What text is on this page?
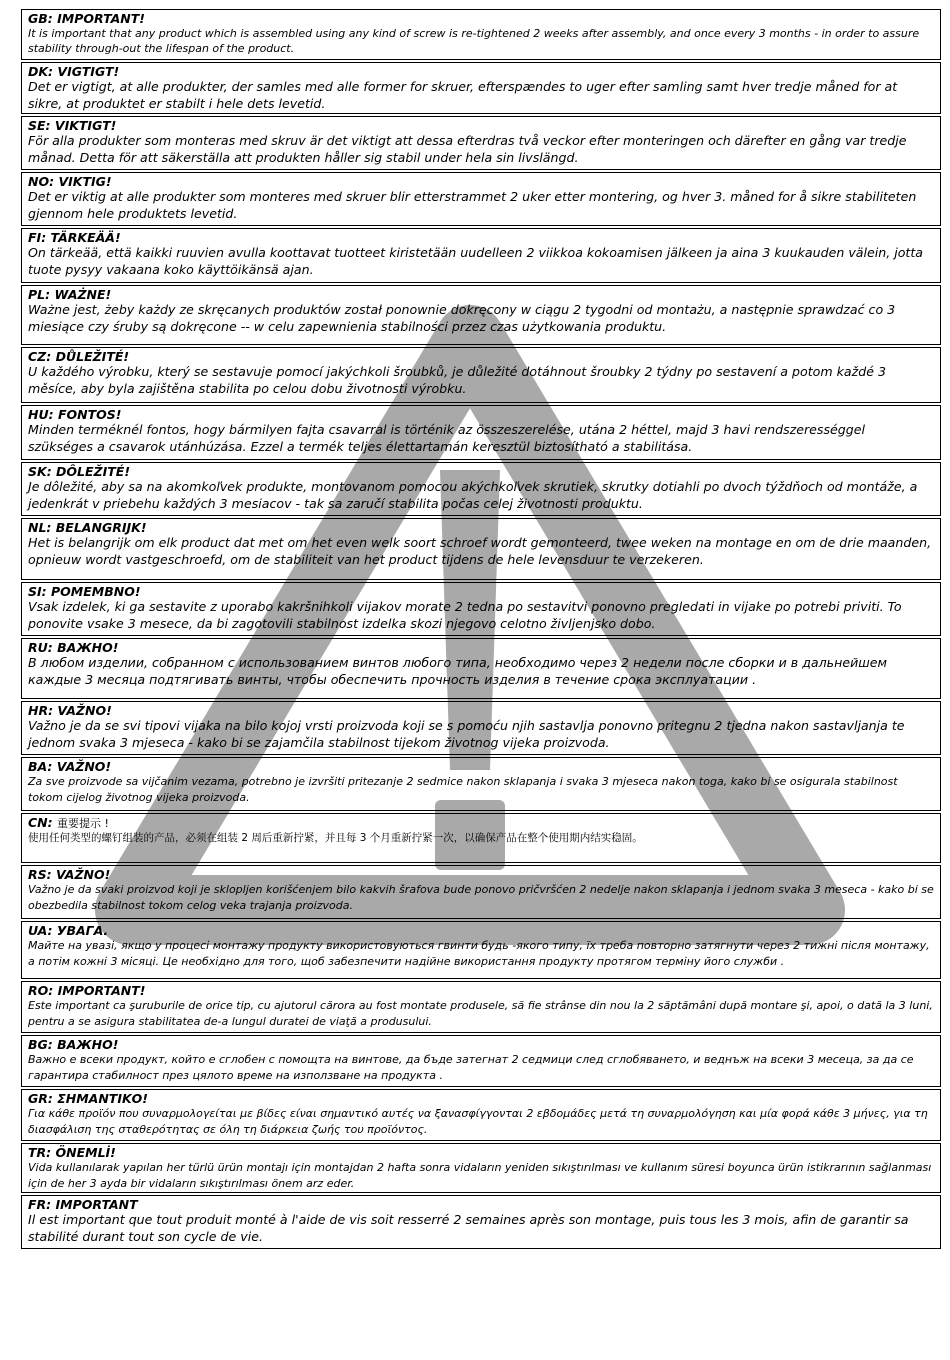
GB: IMPORTANT!

It is important that any product which is assembled using any kind of screw is re-tightened 2 weeks after assembly, and once every 3 months - in order to assure stability through-out the lifespan of the product.

DK: VIGTIGT!

Det er vigtigt, at alle produkter, der samles med alle former for skruer, efterspændes to uger efter samling samt hver tredje måned for at sikre, at produktet er stabilt i hele dets levetid.

SE: VIKTIGT!

För alla produkter som monteras med skruv är det viktigt att dessa efterdras två veckor efter monteringen och därefter en gång var tredje månad. Detta för att säkerställa att produkten håller sig stabil under hela sin livslängd.

NO: VIKTIG!

Det er viktig at alle produkter som monteres med skruer blir etterstrammet 2 uker etter montering, og hver 3. måned for å sikre stabiliteten gjennom hele produktets levetid.

FI: TÄRKEÄÄ!

On tärkeää, että kaikki ruuvien avulla koottavat tuotteet kiristetään uudelleen 2 viikkoa kokoamisen jälkeen ja aina 3 kuukauden välein, jotta tuote pysyy vakaana koko käyttöikänsä ajan.

PL: WAŻNE!

Ważne jest, żeby każdy ze skręcanych produktów został ponownie dokręcony w ciągu 2 tygodni od montażu, a następnie sprawdzać co 3 miesiące czy śruby są dokręcone -- w celu zapewnienia stabilności przez czas użytkowania produktu.

CZ: DŮLEŽITÉ!

U každého výrobku, který se sestavuje pomocí jakýchkoli šroubků, je důležité dotáhnout šroubky 2 týdny po sestavení a potom každé 3 měsíce, aby byla zajištěna stabilita po celou dobu životnosti výrobku.

HU: FONTOS!

Minden terméknél fontos, hogy bármilyen fajta csavarral is történik az összeszerelése, utána 2 héttel, majd 3 havi rendszerességgel szükséges a csavarok utánhúzása. Ezzel a termék teljes élettartamán keresztül biztosítható a stabilitása.

SK: DÔLEŽITÉ!

Je dôležité, aby sa na akomkoľvek produkte, montovanom pomocou akýchkoľvek skrutiek, skrutky dotiahli po dvoch týždňoch od montáže, a jedenkrát v priebehu každých 3 mesiacov - tak sa zaručí stabilita počas celej životnosti produktu.

NL: BELANGRIJK!

Het is belangrijk om elk product dat met om het even welk soort schroef wordt gemonteerd, twee weken na montage en om de drie maanden, opnieuw wordt vastgeschroefd, om de stabiliteit van het product tijdens de hele levensduur te verzekeren.

SI: POMEMBNO!

Vsak izdelek, ki ga sestavite z uporabo kakršnihkoli vijakov morate 2 tedna po sestavitvi ponovno pregledati in vijake po potrebi priviti. To ponovite vsake 3 mesece, da bi zagotovili stabilnost izdelka skozi njegovo celotno življenjsko dobo.

RU: ВАЖНО!

В любом изделии, собранном с использованием винтов любого типа, необходимо через 2 недели после сборки и в дальнейшем каждые 3 месяца подтягивать винты, чтобы обеспечить прочность изделия в течение срока эксплуатации .

HR: VAŽNO!

Važno je da se svi tipovi vijaka na bilo kojoj vrsti proizvoda koji se s pomoću njih sastavlja ponovno pritegnu 2 tjedna nakon sastavljanja te jednom svaka 3 mjeseca - kako bi se zajamčila stabilnost tijekom životnog vijeka proizvoda.

BA: VAŽNO!

Za sve proizvode sa vijčanim vezama, potrebno je izvršiti pritezanje 2 sedmice nakon sklapanja i svaka 3 mjeseca nakon toga, kako bi se osigurala stabilnost tokom cijelog životnog vijeka proizvoda.

CN: 重要提示 !

使用任何类型的螺钉组装的产品，必须在组装 2 周后重新拧紧，并且每 3 个月重新拧紧一次，以确保产品在整个使用期内结实稳固。

RS: VAŽNO!

Važno je da svaki proizvod koji je sklopljen korišćenjem bilo kakvih šrafova bude ponovo pričvršćen 2 nedelje nakon sklapanja i jednom svaka 3 meseca - kako bi se obezbedila stabilnost tokom celog veka trajanja proizvoda.

UA: УВАГА.

Майте на увазі, якщо у процесі монтажу продукту використовуються гвинти будь -якого типу, їх треба повторно затягнути через 2 тижні після монтажу, а потім кожні 3 місяці. Це необхідно для того, щоб забезпечити надійне використання продукту протягом терміну його служби .

RO: IMPORTANT!

Este important ca şuruburile de orice tip, cu ajutorul cărora au fost montate produsele, să fie strânse din nou la 2 săptămâni după montare şi, apoi, o dată la 3 luni, pentru a se asigura stabilitatea de-a lungul duratei de viaţă a produsului.

BG: ВАЖНО!

Важно е всеки продукт, който е сглобен с помощта на винтове, да бъде затегнат 2 седмици след сглобяването, и веднъж на всеки 3 месеца, за да се гарантира стабилност през цялото време на използване на продукта .

GR: ΣΗΜΑΝΤΙΚΟ!

Για κάθε προϊόν που συναρμολογείται με βίδες είναι σημαντικό αυτές να ξανασφίγγονται 2 εβδομάδες μετά τη συναρμολόγηση και μία φορά κάθε 3 μήνες, για τη διασφάλιση της σταθερότητας σε όλη τη διάρκεια ζωής του προϊόντος.

TR: ÖNEMLİ!

Vida kullanılarak yapılan her türlü ürün montajı için montajdan 2 hafta sonra vidaların yeniden sıkıştırılması ve kullanım süresi boyunca ürün istikrarının sağlanması için de her 3 ayda bir vidaların sıkıştırılması önem arz eder.

FR: IMPORTANT

Il est important que tout produit monté à l'aide de vis soit resserré 2 semaines après son montage, puis tous les 3 mois, afin de garantir sa stabilité durant tout son cycle de vie.
